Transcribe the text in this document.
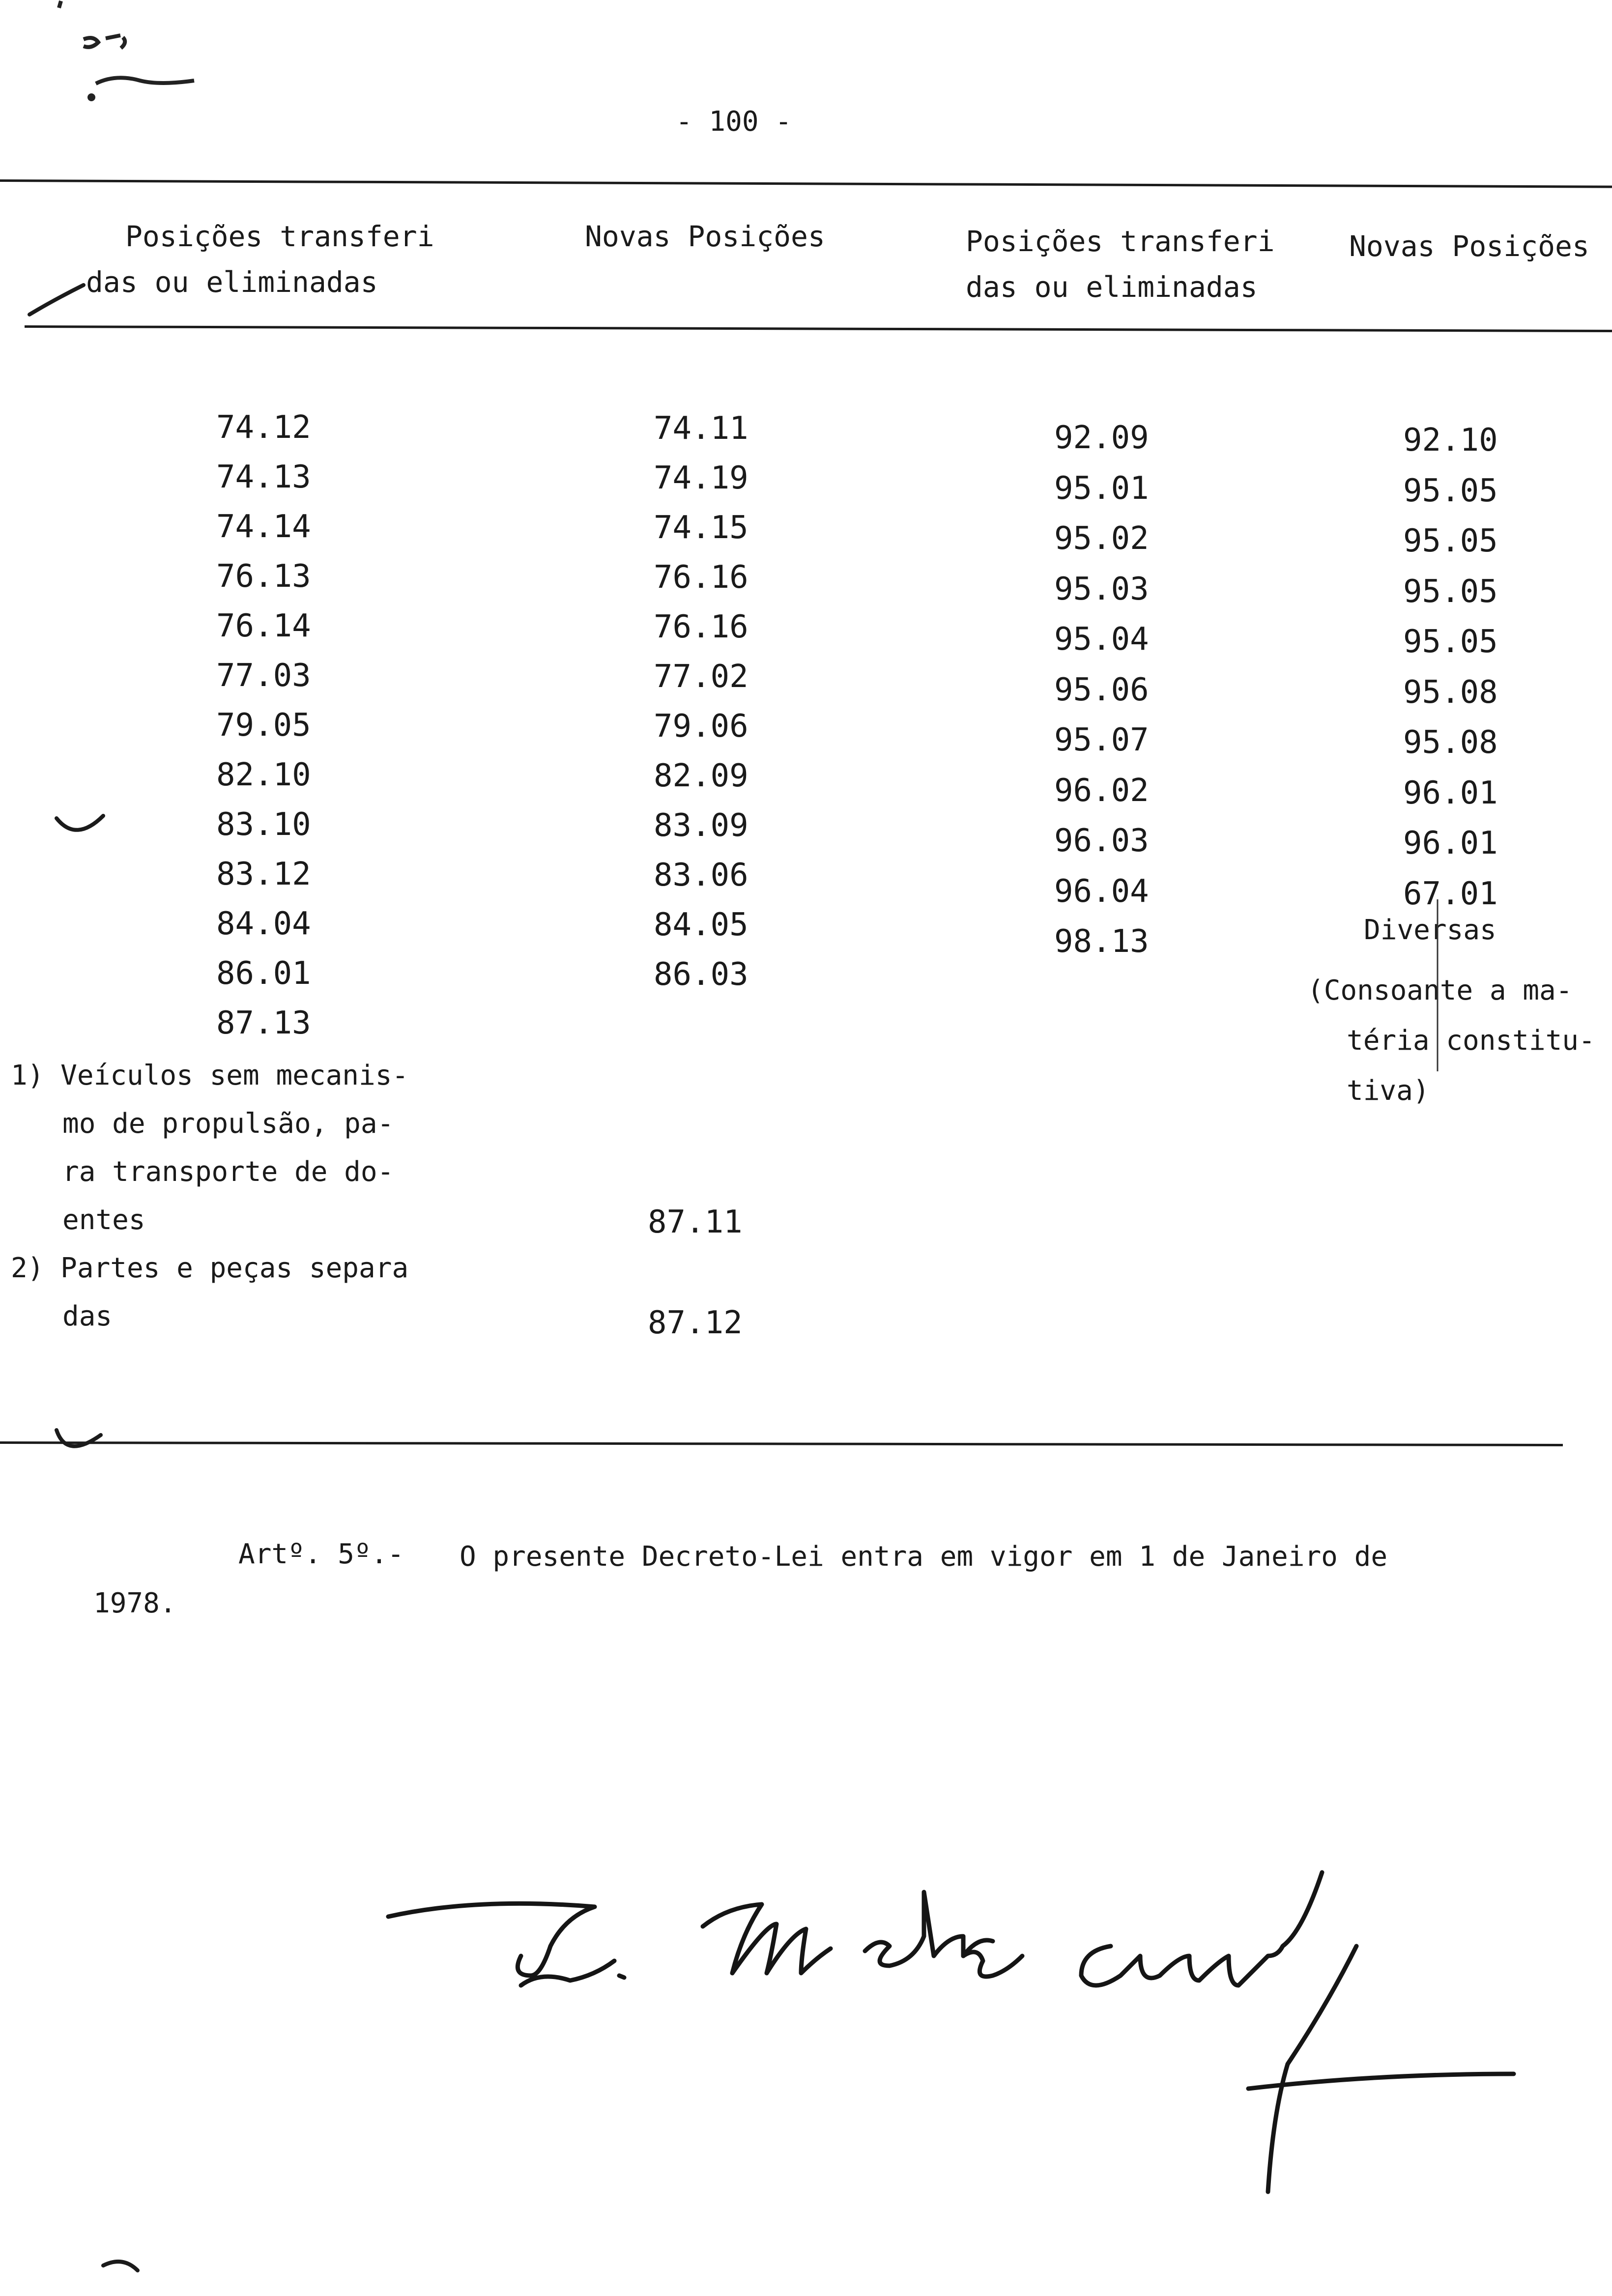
- 100 -
Posições transferi
das ou eliminadas
Novas Posições	Posições transferi
das ou eliminadas
Novas Posições
74.12
74.13
74.14
76.13
76.14
77.03
79.05
82.10
83.10
83.12
84.04
86.01
87.13
74.11
74.19
74.15
76.16
76.16
77.02
79.06
82.09
83.09
83.06
84.05
86.03
1) Veículos sem mecanis-
mo de propulsão, pa-
ra transporte de do-
entes
2) Partes e peças separa
das
87.11
87.12
92.09
95.01
95.02
95.03
95.04
95.06
95.07
96.02
96.03
96.04
98.13
92.10
95.05
95.05
95.05
95.05
95.08
95.08
96.01
96.01
67.01
Diversas
(Consoante a ma-
téria constitu-
tiva)
Artº. 5º.- O presente Decreto-Lei entra em vigor em 1 de Janeiro de
1978.
